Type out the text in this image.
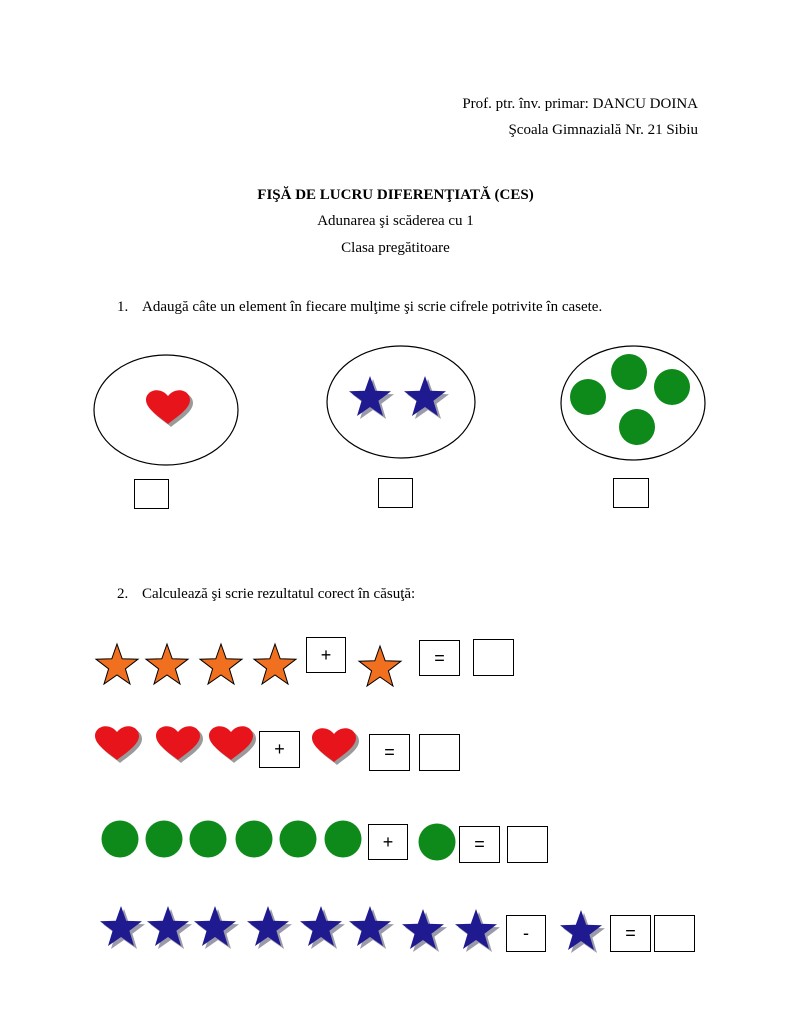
Prof. ptr. înv. primar: DANCU DOINA
Şcoala Gimnazială Nr. 21 Sibiu
FIŞĂ DE LUCRU DIFERENŢIATĂ (CES)
Adunarea şi scăderea cu 1
Clasa pregătitoare
1. Adaugă câte un element în fiecare mulţime şi scrie cifrele potrivite în casete.
2. Calculează şi scrie rezultatul corect în căsuţă:
+	=
+	=
+	=
-	=
